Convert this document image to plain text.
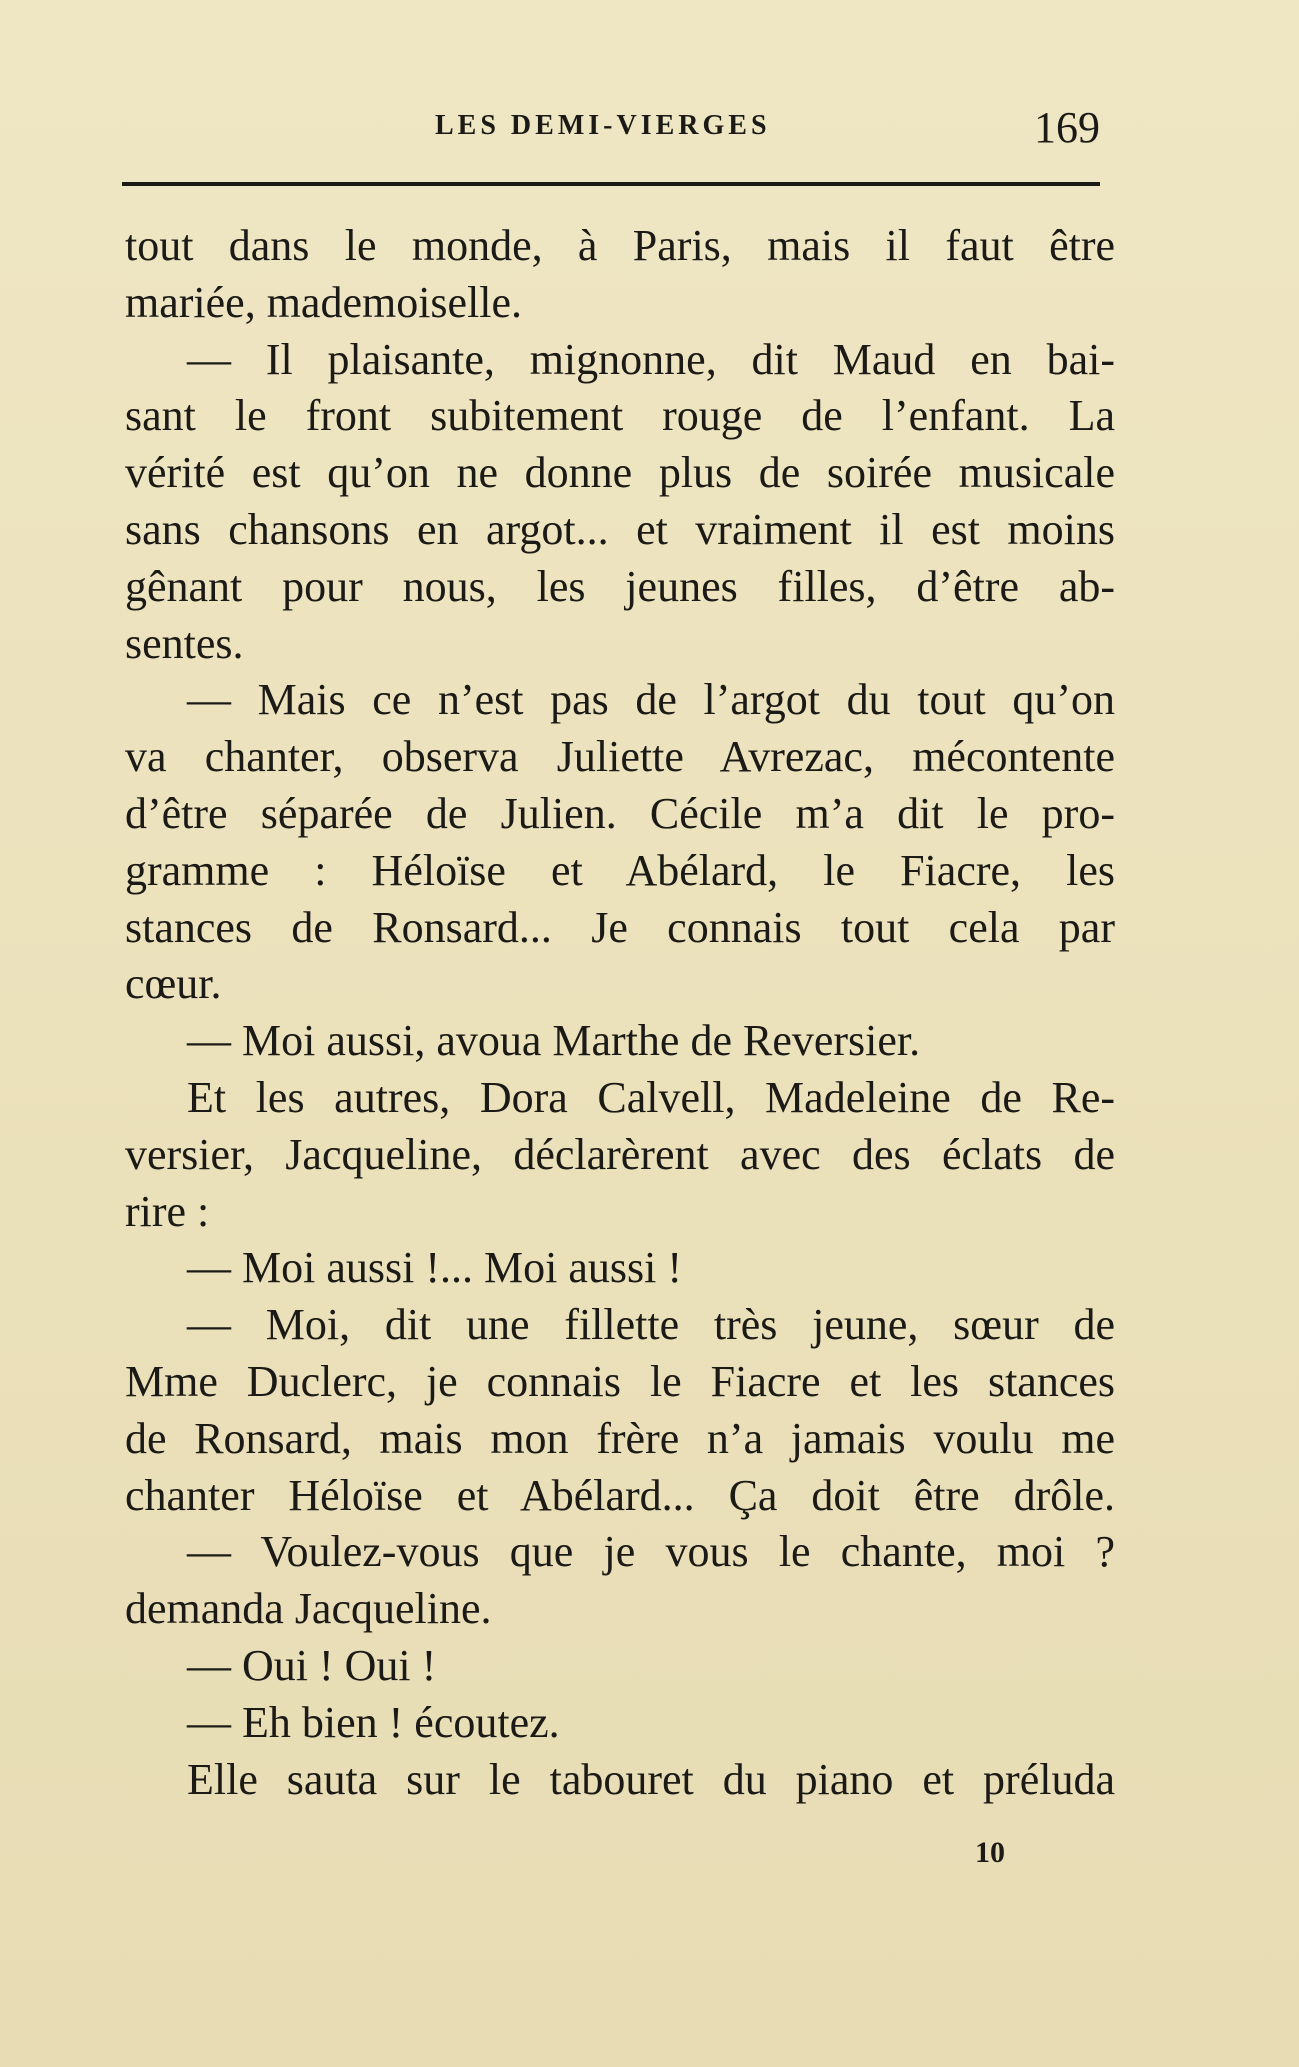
LES DEMI-VIERGES	169
tout dans le monde, à Paris, mais il faut être
mariée, mademoiselle.
— Il plaisante, mignonne, dit Maud en bai-
sant le front subitement rouge de l’enfant. La
vérité est qu’on ne donne plus de soirée musicale
sans chansons en argot... et vraiment il est moins
gênant pour nous, les jeunes filles, d’être ab-
sentes.
— Mais ce n’est pas de l’argot du tout qu’on
va chanter, observa Juliette Avrezac, mécontente
d’être séparée de Julien. Cécile m’a dit le pro-
gramme : Héloïse et Abélard, le Fiacre, les
stances de Ronsard... Je connais tout cela par
cœur.
— Moi aussi, avoua Marthe de Reversier.
Et les autres, Dora Calvell, Madeleine de Re-
versier, Jacqueline, déclarèrent avec des éclats de
rire :
— Moi aussi !... Moi aussi !
— Moi, dit une fillette très jeune, sœur de
Mme Duclerc, je connais le Fiacre et les stances
de Ronsard, mais mon frère n’a jamais voulu me
chanter Héloïse et Abélard... Ça doit être drôle.
— Voulez-vous que je vous le chante, moi ?
demanda Jacqueline.
— Oui ! Oui !
— Eh bien ! écoutez.
Elle sauta sur le tabouret du piano et préluda
10
